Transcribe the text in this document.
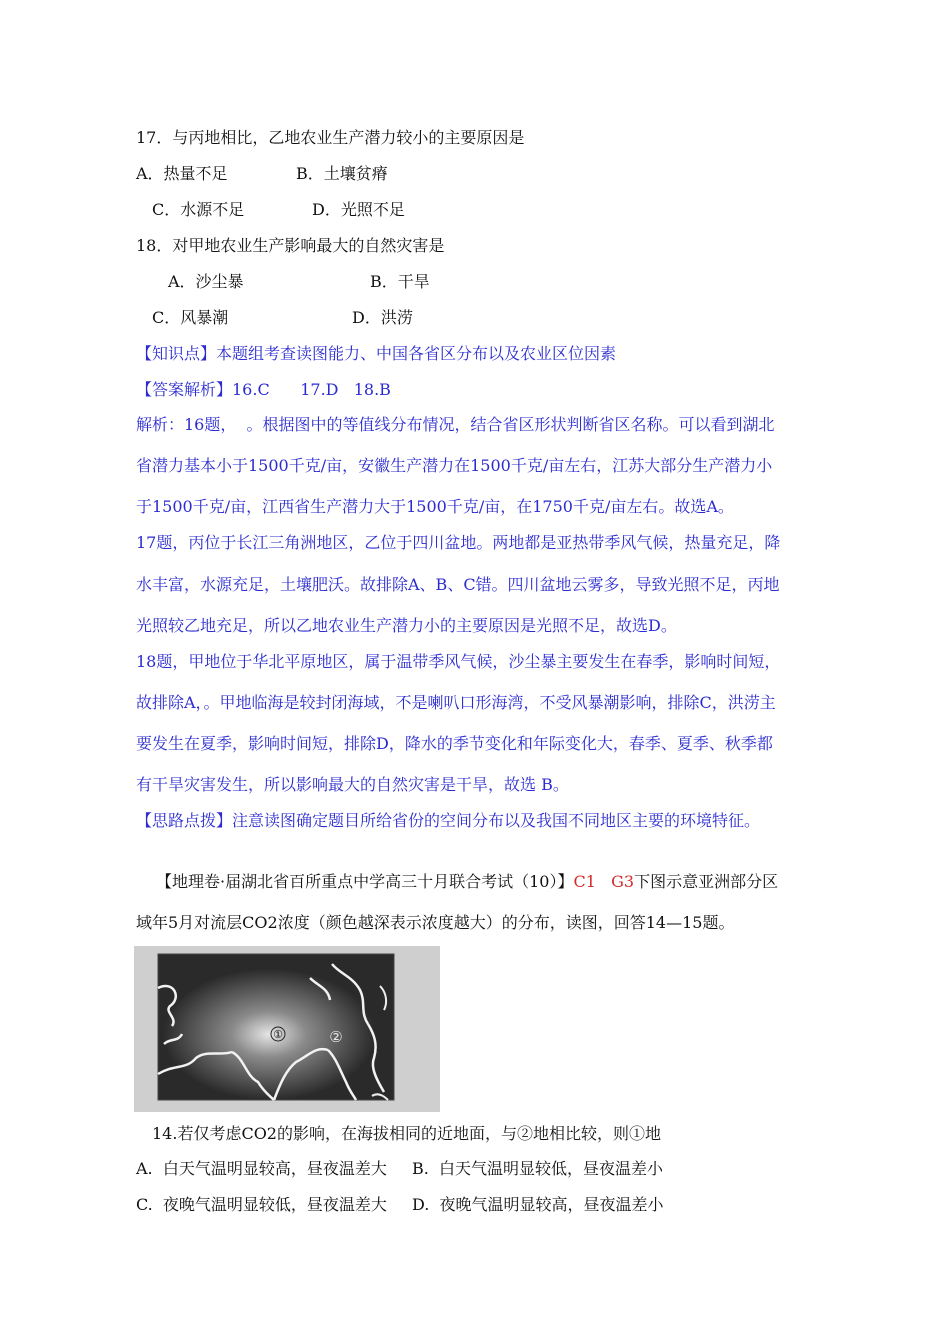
17．与丙地相比，乙地农业生产潜力较小的主要原因是
A．热量不足	B．土壤贫瘠
C．水源不足	D．光照不足
18．对甲地农业生产影响最大的自然灾害是
A．沙尘暴	B．干旱
C．风暴潮	D．洪涝
【知识点】本题组考查读图能力、中国各省区分布以及农业区位因素
【答案解析】16.C      17.D   18.B
解析：16题，  。根据图中的等值线分布情况，结合省区形状判断省区名称。可以看到湖北
省潜力基本小于1500千克/亩，安徽生产潜力在1500千克/亩左右，江苏大部分生产潜力小
于1500千克/亩，江西省生产潜力大于1500千克/亩，在1750千克/亩左右。故选A。
17题，丙位于长江三角洲地区，乙位于四川盆地。两地都是亚热带季风气候，热量充足，降
水丰富，水源充足，土壤肥沃。故排除A、B、C错。四川盆地云雾多，导致光照不足，丙地
光照较乙地充足，所以乙地农业生产潜力小的主要原因是光照不足，故选D。
18题，甲地位于华北平原地区，属于温带季风气候，沙尘暴主要发生在春季，影响时间短，
故排除A，。甲地临海是较封闭海域，不是喇叭口形海湾，不受风暴潮影响，排除C，洪涝主
要发生在夏季，影响时间短，排除D，降水的季节变化和年际变化大，春季、夏季、秋季都
有干旱灾害发生，所以影响最大的自然灾害是干旱，故选 B。
【思路点拨】注意读图确定题目所给省份的空间分布以及我国不同地区主要的环境特征。
【地理卷·届湖北省百所重点中学高三十月联合考试（10）】C1   G3下图示意亚洲部分区
域年5月对流层CO2浓度（颜色越深表示浓度越大）的分布，读图，回答14—15题。
①	②
14.若仅考虑CO2的影响，在海拔相同的近地面，与②地相比较，则①地
A.  白天气温明显较高，昼夜温差大 B.  白天气温明显较低，昼夜温差小
C.  夜晚气温明显较低，昼夜温差大 D.  夜晚气温明显较高，昼夜温差小
